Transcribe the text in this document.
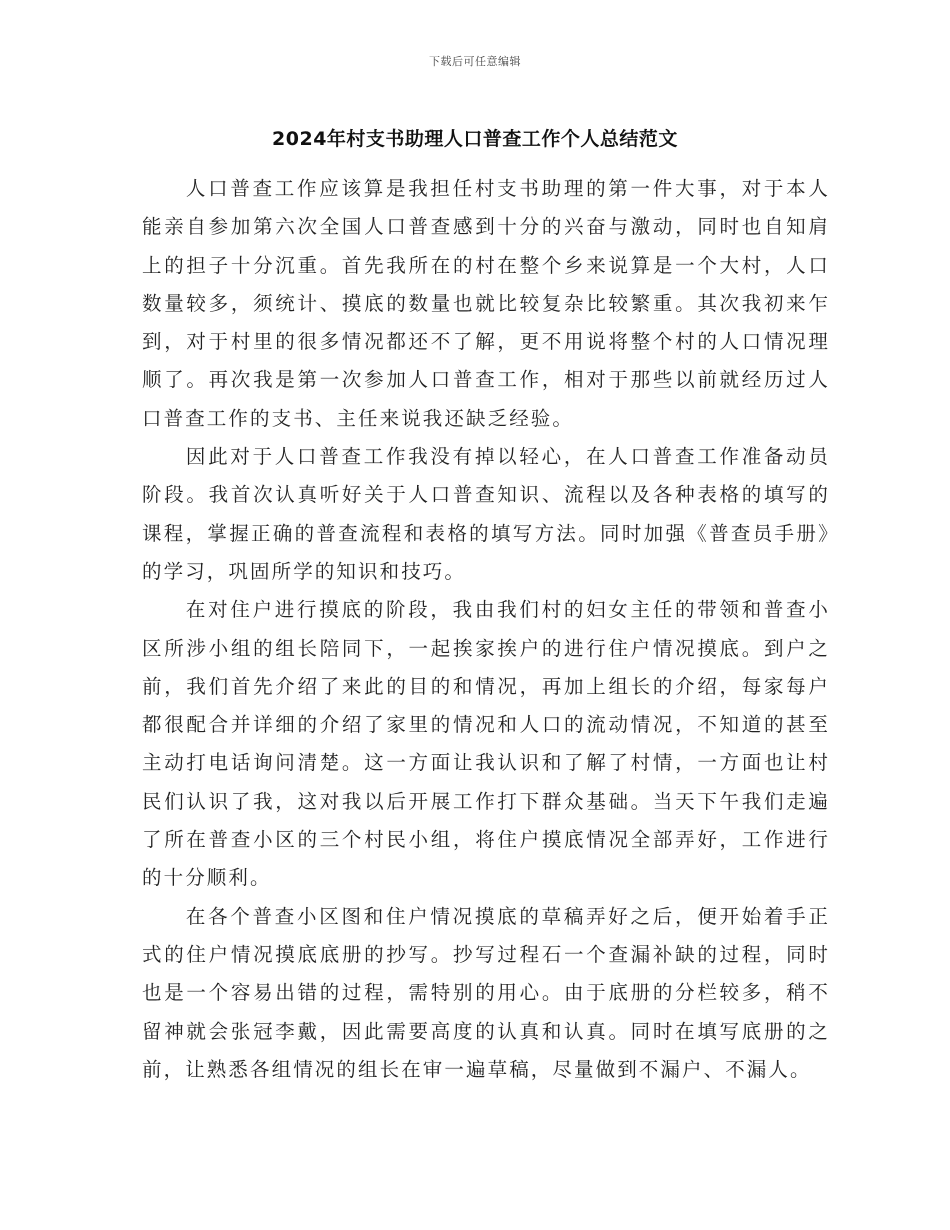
下载后可任意编辑
2024年村支书助理人口普查工作个人总结范文

人口普查工作应该算是我担任村支书助理的第一件大事，对于本人能亲自参加第六次全国人口普查感到十分的兴奋与激动，同时也自知肩上的担子十分沉重。首先我所在的村在整个乡来说算是一个大村，人口数量较多，须统计、摸底的数量也就比较复杂比较繁重。其次我初来乍到，对于村里的很多情况都还不了解，更不用说将整个村的人口情况理顺了。再次我是第一次参加人口普查工作，相对于那些以前就经历过人口普查工作的支书、主任来说我还缺乏经验。

因此对于人口普查工作我没有掉以轻心，在人口普查工作准备动员阶段。我首次认真听好关于人口普查知识、流程以及各种表格的填写的课程，掌握正确的普查流程和表格的填写方法。同时加强《普查员手册》的学习，巩固所学的知识和技巧。

在对住户进行摸底的阶段，我由我们村的妇女主任的带领和普查小区所涉小组的组长陪同下，一起挨家挨户的进行住户情况摸底。到户之前，我们首先介绍了来此的目的和情况，再加上组长的介绍，每家每户都很配合并详细的介绍了家里的情况和人口的流动情况，不知道的甚至主动打电话询问清楚。这一方面让我认识和了解了村情，一方面也让村民们认识了我，这对我以后开展工作打下群众基础。当天下午我们走遍了所在普查小区的三个村民小组，将住户摸底情况全部弄好，工作进行的十分顺利。

在各个普查小区图和住户情况摸底的草稿弄好之后，便开始着手正式的住户情况摸底底册的抄写。抄写过程石一个查漏补缺的过程，同时也是一个容易出错的过程，需特别的用心。由于底册的分栏较多，稍不留神就会张冠李戴，因此需要高度的认真和认真。同时在填写底册的之前，让熟悉各组情况的组长在审一遍草稿，尽量做到不漏户、不漏人。
